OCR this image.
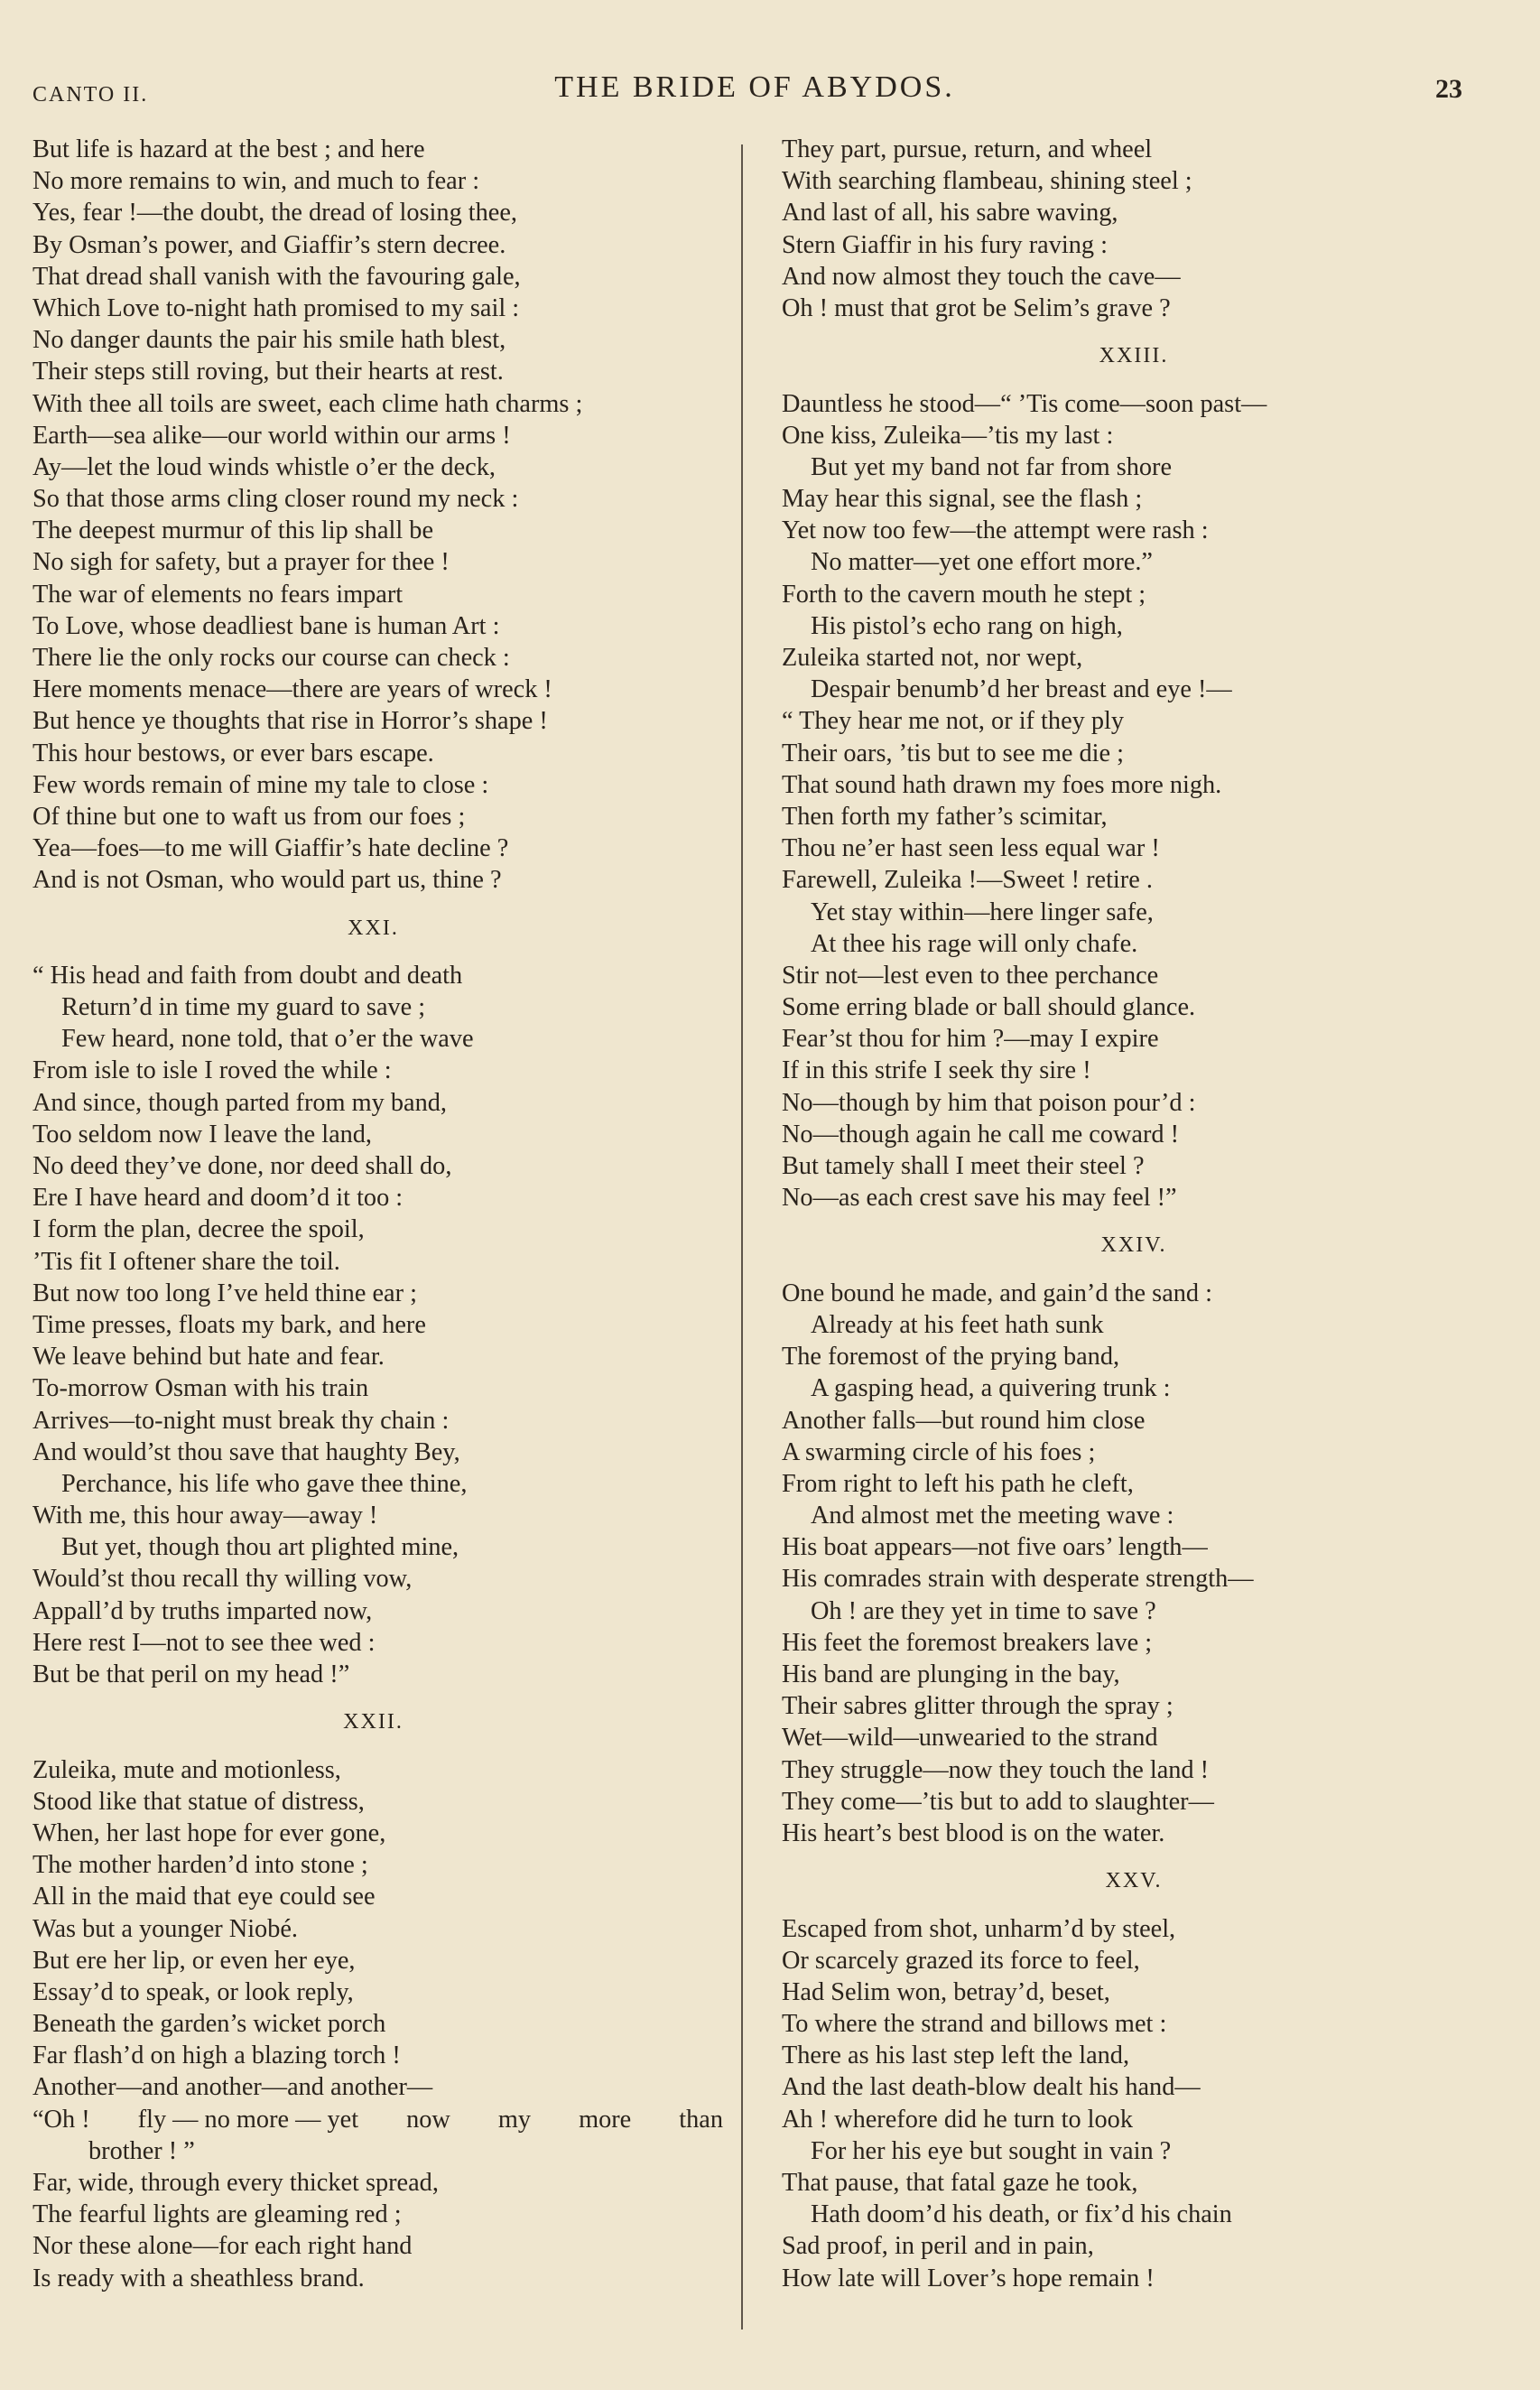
CANTO II.	THE BRIDE OF ABYDOS.	23
But life is hazard at the best ; and here
No more remains to win, and much to fear :
Yes, fear !—the doubt, the dread of losing thee,
By Osman’s power, and Giaffir’s stern decree.
That dread shall vanish with the favouring gale,
Which Love to-night hath promised to my sail :
No danger daunts the pair his smile hath blest,
Their steps still roving, but their hearts at rest.
With thee all toils are sweet, each clime hath charms ;
Earth—sea alike—our world within our arms !
Ay—let the loud winds whistle o’er the deck,
So that those arms cling closer round my neck :
The deepest murmur of this lip shall be
No sigh for safety, but a prayer for thee !
The war of elements no fears impart
To Love, whose deadliest bane is human Art :
There lie the only rocks our course can check :
Here moments menace—there are years of wreck !
But hence ye thoughts that rise in Horror’s shape !
This hour bestows, or ever bars escape.
Few words remain of mine my tale to close :
Of thine but one to waft us from our foes ;
Yea—foes—to me will Giaffir’s hate decline ?
And is not Osman, who would part us, thine ?
XXI.
“ His head and faith from doubt and death
Return’d in time my guard to save ;
Few heard, none told, that o’er the wave
From isle to isle I roved the while :
And since, though parted from my band,
Too seldom now I leave the land,
No deed they’ve done, nor deed shall do,
Ere I have heard and doom’d it too :
I form the plan, decree the spoil,
’Tis fit I oftener share the toil.
But now too long I’ve held thine ear ;
Time presses, floats my bark, and here
We leave behind but hate and fear.
To-morrow Osman with his train
Arrives—to-night must break thy chain :
And would’st thou save that haughty Bey,
Perchance, his life who gave thee thine,
With me, this hour away—away !
But yet, though thou art plighted mine,
Would’st thou recall thy willing vow,
Appall’d by truths imparted now,
Here rest I—not to see thee wed :
But be that peril on my head !”
XXII.
Zuleika, mute and motionless,
Stood like that statue of distress,
When, her last hope for ever gone,
The mother harden’d into stone ;
All in the maid that eye could see
Was but a younger Niobé.
But ere her lip, or even her eye,
Essay’d to speak, or look reply,
Beneath the garden’s wicket porch
Far flash’d on high a blazing torch !
Another—and another—and another—
“Oh ! fly — no more — yet now my more than
brother ! ”
Far, wide, through every thicket spread,
The fearful lights are gleaming red ;
Nor these alone—for each right hand
Is ready with a sheathless brand.
They part, pursue, return, and wheel
With searching flambeau, shining steel ;
And last of all, his sabre waving,
Stern Giaffir in his fury raving :
And now almost they touch the cave—
Oh ! must that grot be Selim’s grave ?
XXIII.
Dauntless he stood—“ ’Tis come—soon past—
One kiss, Zuleika—’tis my last :
But yet my band not far from shore
May hear this signal, see the flash ;
Yet now too few—the attempt were rash :
No matter—yet one effort more.”
Forth to the cavern mouth he stept ;
His pistol’s echo rang on high,
Zuleika started not, nor wept,
Despair benumb’d her breast and eye !—
“ They hear me not, or if they ply
Their oars, ’tis but to see me die ;
That sound hath drawn my foes more nigh.
Then forth my father’s scimitar,
Thou ne’er hast seen less equal war !
Farewell, Zuleika !—Sweet ! retire .
Yet stay within—here linger safe,
At thee his rage will only chafe.
Stir not—lest even to thee perchance
Some erring blade or ball should glance.
Fear’st thou for him ?—may I expire
If in this strife I seek thy sire !
No—though by him that poison pour’d :
No—though again he call me coward !
But tamely shall I meet their steel ?
No—as each crest save his may feel !”
XXIV.
One bound he made, and gain’d the sand :
Already at his feet hath sunk
The foremost of the prying band,
A gasping head, a quivering trunk :
Another falls—but round him close
A swarming circle of his foes ;
From right to left his path he cleft,
And almost met the meeting wave :
His boat appears—not five oars’ length—
His comrades strain with desperate strength—
Oh ! are they yet in time to save ?
His feet the foremost breakers lave ;
His band are plunging in the bay,
Their sabres glitter through the spray ;
Wet—wild—unwearied to the strand
They struggle—now they touch the land !
They come—’tis but to add to slaughter—
His heart’s best blood is on the water.
XXV.
Escaped from shot, unharm’d by steel,
Or scarcely grazed its force to feel,
Had Selim won, betray’d, beset,
To where the strand and billows met :
There as his last step left the land,
And the last death-blow dealt his hand—
Ah ! wherefore did he turn to look
For her his eye but sought in vain ?
That pause, that fatal gaze he took,
Hath doom’d his death, or fix’d his chain
Sad proof, in peril and in pain,
How late will Lover’s hope remain !
